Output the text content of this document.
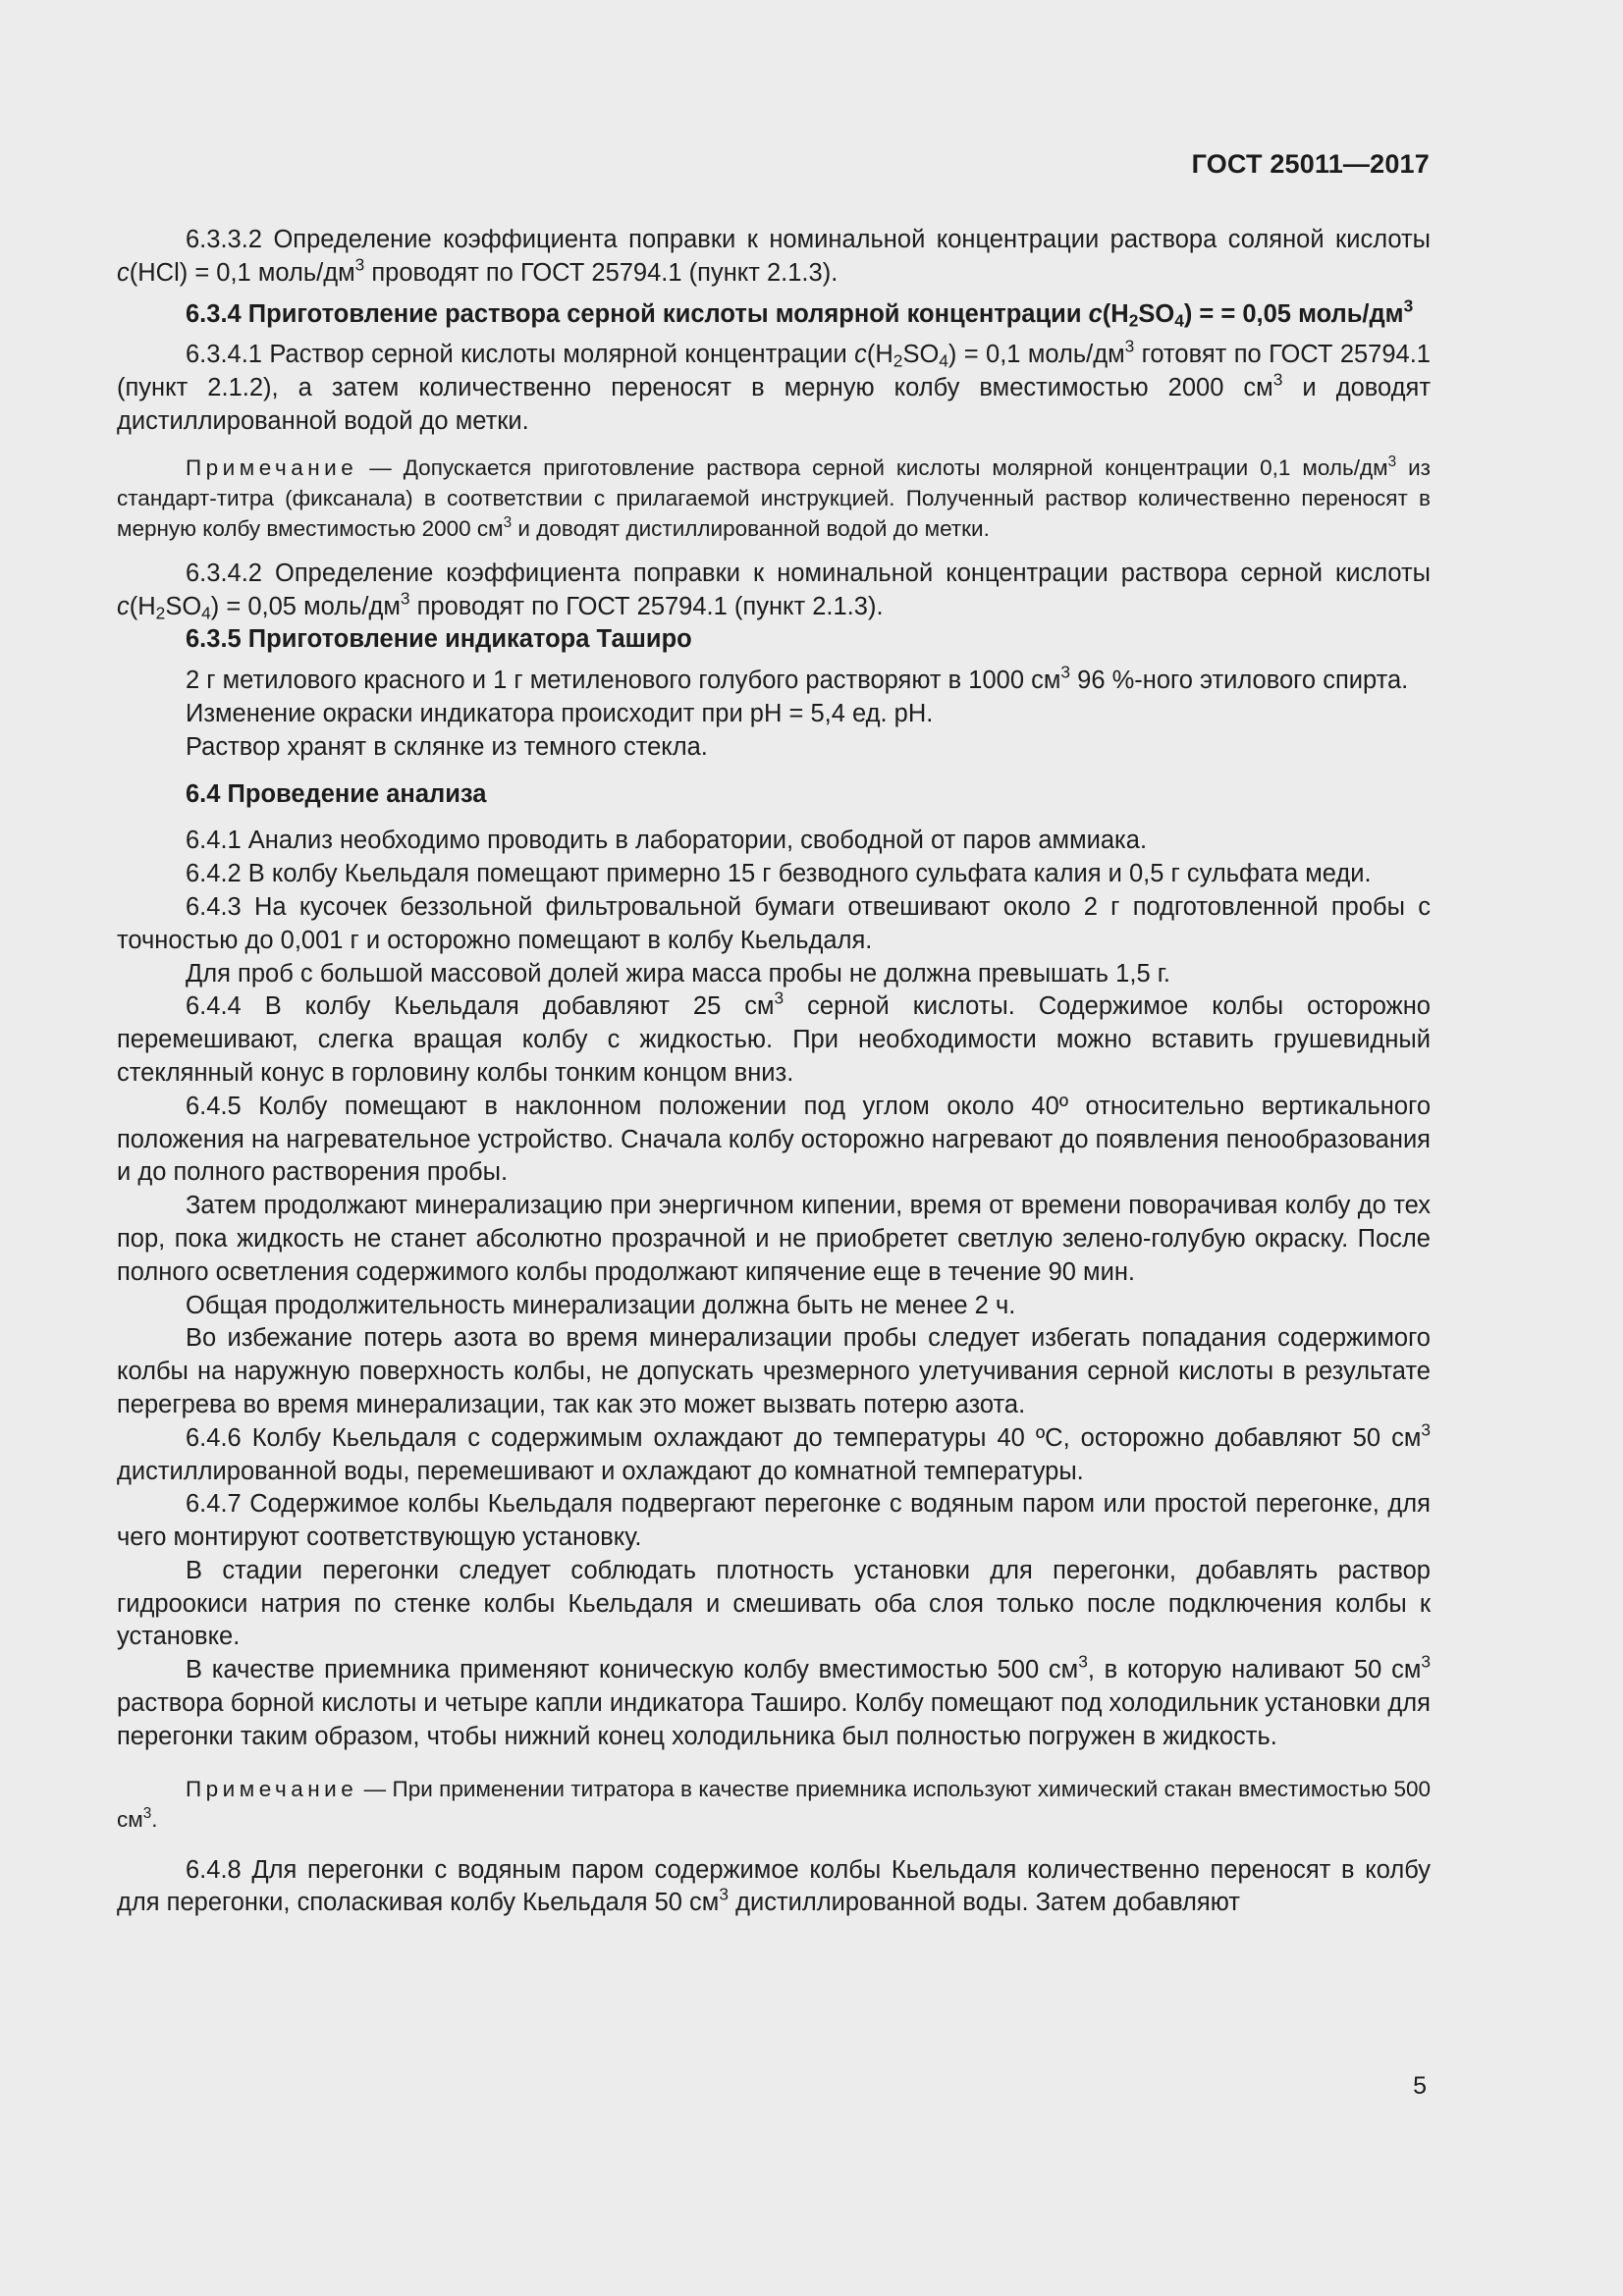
ГОСТ 25011—2017

6.3.3.2 Определение коэффициента поправки к номинальной концентрации раствора соляной кислоты c(HCl) = 0,1 моль/$дм^3$ проводят по ГОСТ 25794.1 (пункт 2.1.3).

6.3.4 Приготовление раствора серной кислоты молярной концентрации $c(H_2SO_4)$ = = 0,05 моль/$дм^3$

6.3.4.1 Раствор серной кислоты молярной концентрации $c(H_2SO_4) = 0,1$ моль/$дм^3$ готовят по ГОСТ 25794.1 (пункт 2.1.2), а затем количественно переносят в мерную колбу вместимостью 2000 $см^3$ и доводят дистиллированной водой до метки.

Примечание — Допускается приготовление раствора серной кислоты молярной концентрации 0,1 моль/$дм^3$ из стандарт-титра (фиксанала) в соответствии с прилагаемой инструкцией. Полученный раствор количественно переносят в мерную колбу вместимостью 2000 $см^3$ и доводят дистиллированной водой до метки.

6.3.4.2 Определение коэффициента поправки к номинальной концентрации раствора серной кислоты $c(H_2SO_4) = 0,05$ моль/$дм^3$ проводят по ГОСТ 25794.1 (пункт 2.1.3).

6.3.5 Приготовление индикатора Таширо

2 г метилового красного и 1 г метиленового голубого растворяют в 1000 $см^3$ 96 %-ного этилового спирта.

Изменение окраски индикатора происходит при pH = 5,4 ед. pH.

Раствор хранят в склянке из темного стекла.

6.4 Проведение анализа

6.4.1 Анализ необходимо проводить в лаборатории, свободной от паров аммиака.

6.4.2 В колбу Кьельдаля помещают примерно 15 г безводного сульфата калия и 0,5 г сульфата меди.

6.4.3 На кусочек беззольной фильтровальной бумаги отвешивают около 2 г подготовленной пробы с точностью до 0,001 г и осторожно помещают в колбу Кьельдаля.

Для проб с большой массовой долей жира масса пробы не должна превышать 1,5 г.

6.4.4 В колбу Кьельдаля добавляют 25 $см^3$ серной кислоты. Содержимое колбы осторожно перемешивают, слегка вращая колбу с жидкостью. При необходимости можно вставить грушевидный стеклянный конус в горловину колбы тонким концом вниз.

6.4.5 Колбу помещают в наклонном положении под углом около 40º относительно вертикального положения на нагревательное устройство. Сначала колбу осторожно нагревают до появления пенообразования и до полного растворения пробы.

Затем продолжают минерализацию при энергичном кипении, время от времени поворачивая колбу до тех пор, пока жидкость не станет абсолютно прозрачной и не приобретет светлую зелено-голубую окраску. После полного осветления содержимого колбы продолжают кипячение еще в течение 90 мин.

Общая продолжительность минерализации должна быть не менее 2 ч.

Во избежание потерь азота во время минерализации пробы следует избегать попадания содержимого колбы на наружную поверхность колбы, не допускать чрезмерного улетучивания серной кислоты в результате перегрева во время минерализации, так как это может вызвать потерю азота.

6.4.6 Колбу Кьельдаля с содержимым охлаждают до температуры 40 ºС, осторожно добавляют 50 $см^3$ дистиллированной воды, перемешивают и охлаждают до комнатной температуры.

6.4.7 Содержимое колбы Кьельдаля подвергают перегонке с водяным паром или простой перегонке, для чего монтируют соответствующую установку.

В стадии перегонки следует соблюдать плотность установки для перегонки, добавлять раствор гидроокиси натрия по стенке колбы Кьельдаля и смешивать оба слоя только после подключения колбы к установке.

В качестве приемника применяют коническую колбу вместимостью 500 $см^3$, в которую наливают 50 $см^3$ раствора борной кислоты и четыре капли индикатора Таширо. Колбу помещают под холодильник установки для перегонки таким образом, чтобы нижний конец холодильника был полностью погружен в жидкость.

Примечание — При применении титратора в качестве приемника используют химический стакан вместимостью 500 $см^3$.

6.4.8 Для перегонки с водяным паром содержимое колбы Кьельдаля количественно переносят в колбу для перегонки, споласкивая колбу Кьельдаля 50 $см^3$ дистиллированной воды. Затем добавляют

5
